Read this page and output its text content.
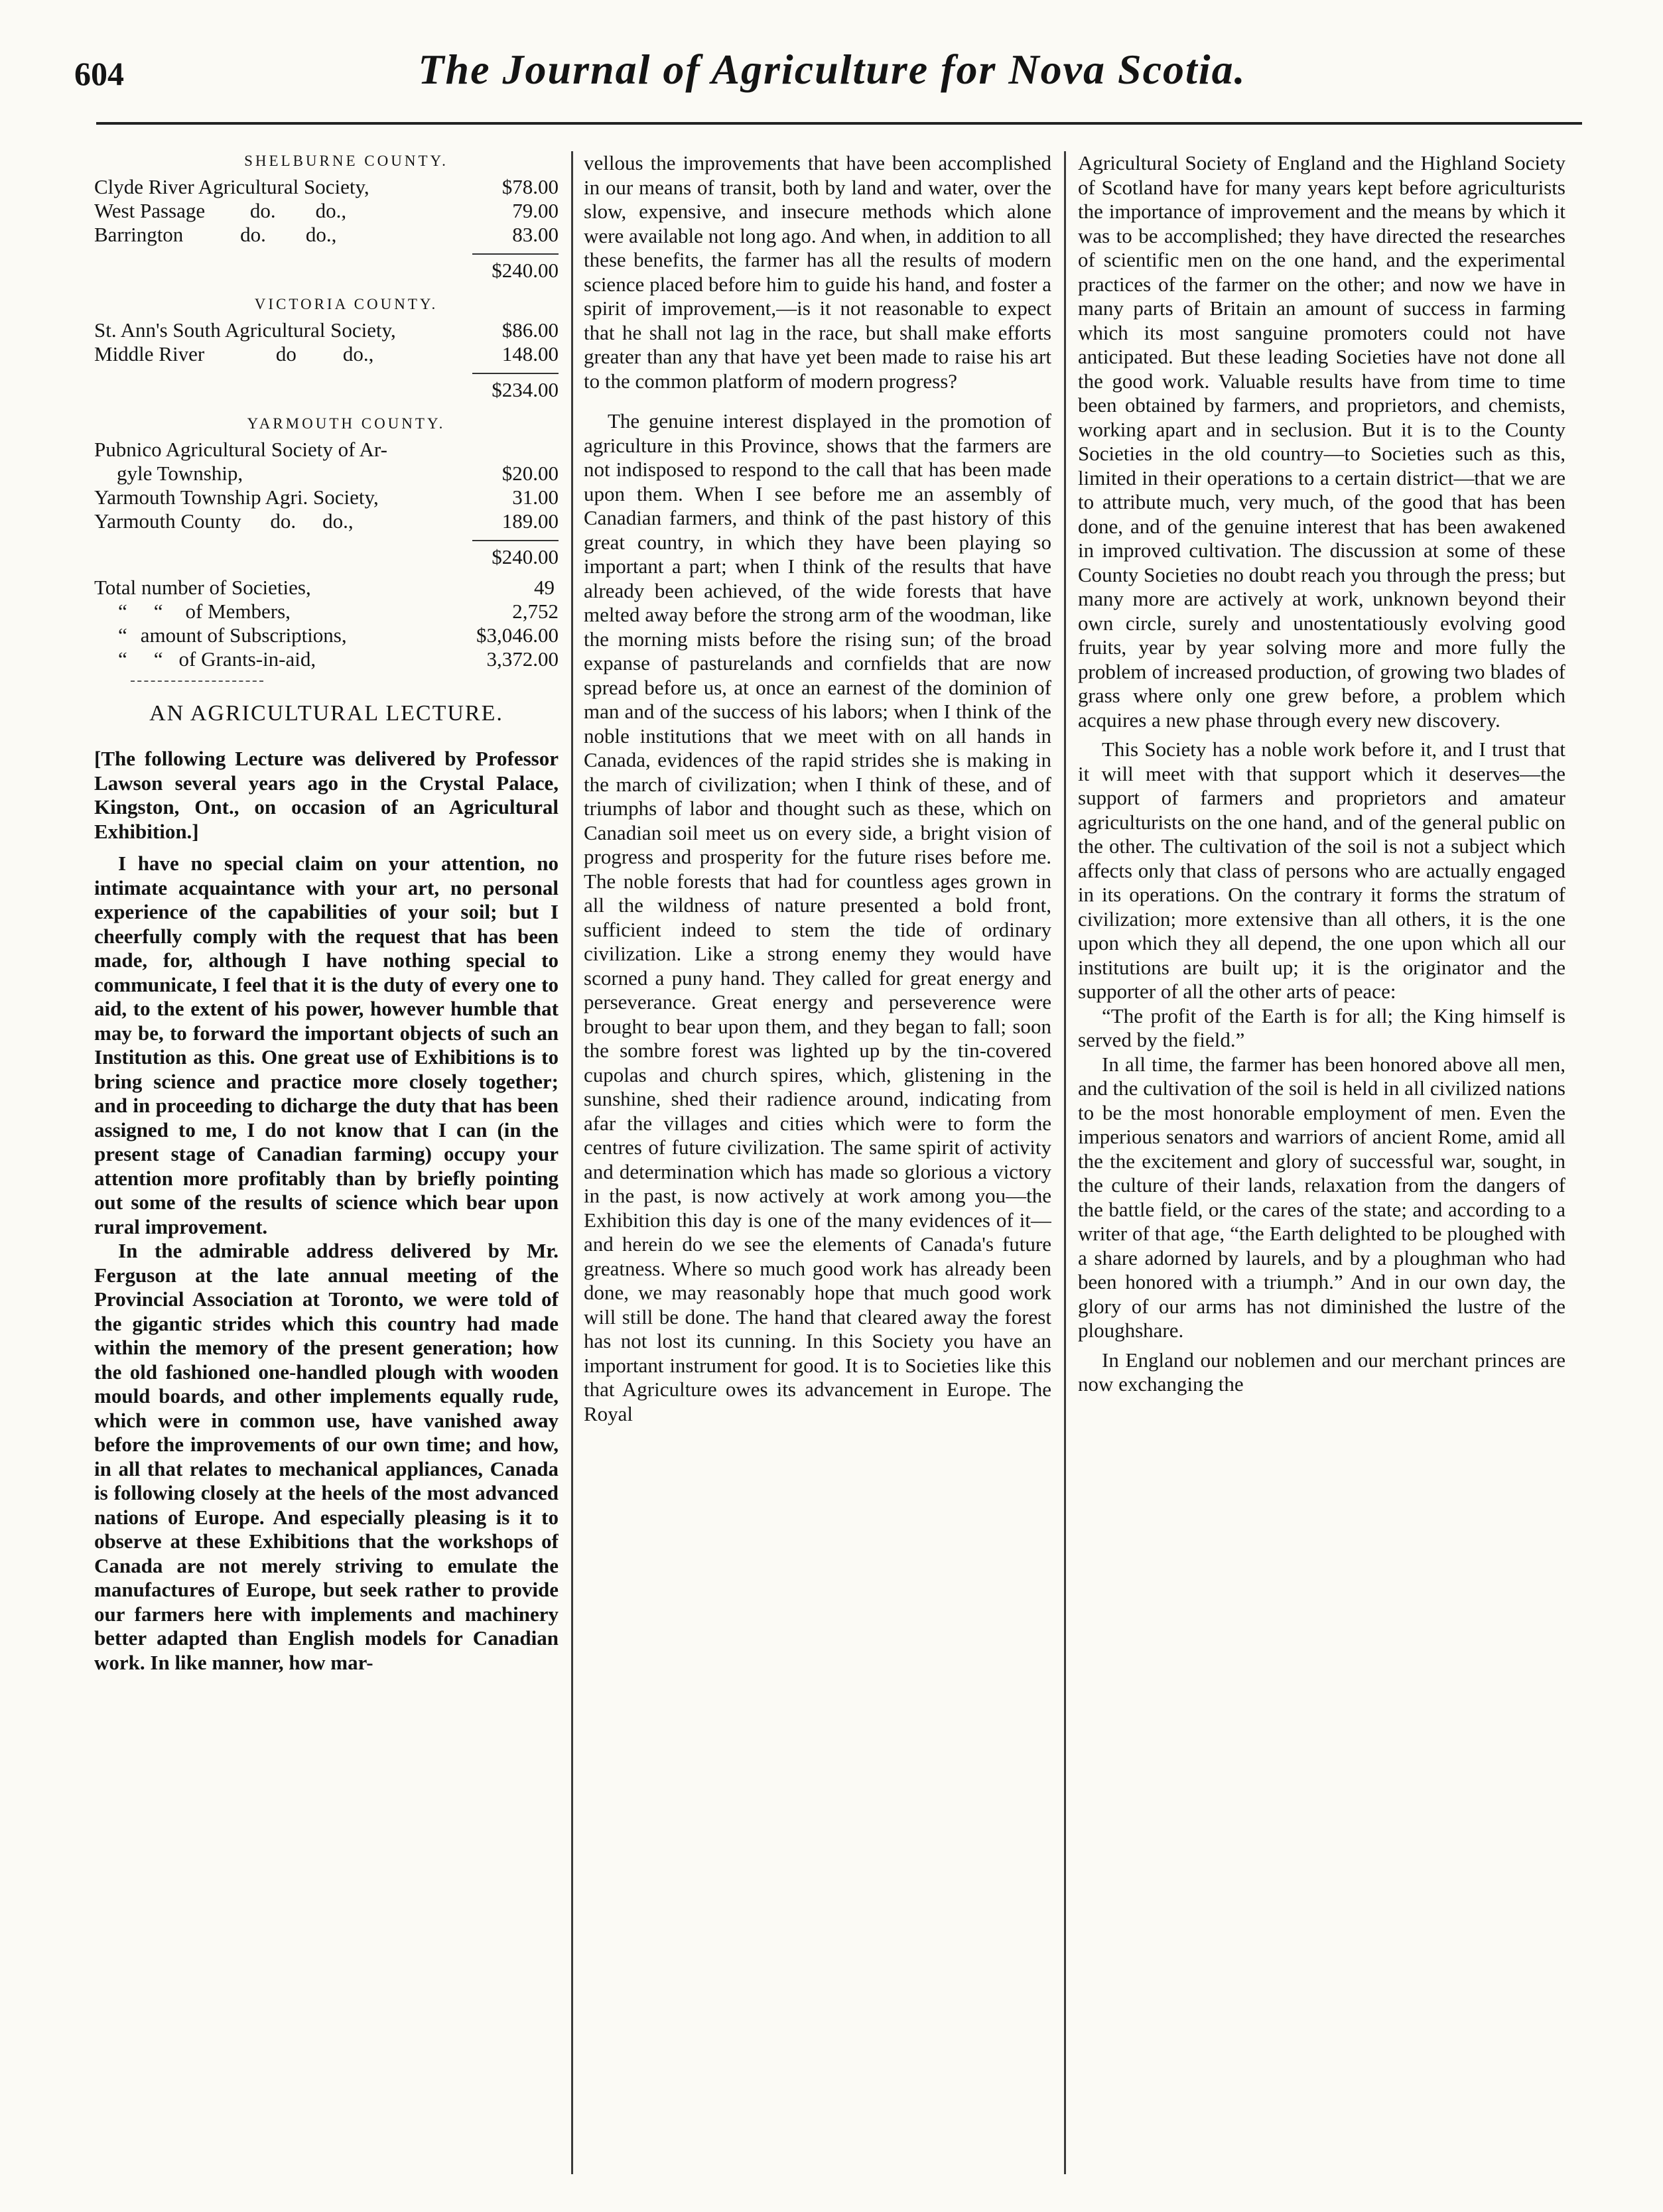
604	The Journal of Agriculture for Nova Scotia.
SHELBURNE COUNTY.
Clyde River Agricultural Society,	$78.00
West Passage do. do.,	79.00
Barrington	do. do.,	83.00
$240.00
VICTORIA COUNTY.
St. Ann's South Agricultural Society,	$86.00
Middle River	do do.,	148.00
$234.00
YARMOUTH COUNTY.
Pubnico Agricultural Society of Ar-
gyle Township,	$20.00
Yarmouth Township Agri. Society,	31.00
Yarmouth County do. do.,	189.00
$240.00
Total number of Societies,	49
“ “ of Members,	2,752
“ amount of Subscriptions,	$3,046.00
“ “ of Grants-in-aid,	3,372.00
AN AGRICULTURAL LECTURE.
[The following Lecture was delivered by Professor Lawson several years ago in the Crystal Palace, Kingston, Ont., on occasion of an Agricultural Exhibition.]

I have no special claim on your attention, no intimate acquaintance with your art, no personal experience of the capabilities of your soil; but I cheerfully comply with the request that has been made, for, although I have nothing special to communicate, I feel that it is the duty of every one to aid, to the extent of his power, however humble that may be, to forward the important objects of such an Institution as this. One great use of Exhibitions is to bring science and practice more closely together; and in proceeding to dicharge the duty that has been assigned to me, I do not know that I can (in the present stage of Canadian farming) occupy your attention more profitably than by briefly pointing out some of the results of science which bear upon rural improvement.

In the admirable address delivered by Mr. Ferguson at the late annual meeting of the Provincial Association at Toronto, we were told of the gigantic strides which this country had made within the memory of the present generation; how the old fashioned one-handled plough with wooden mould boards, and other implements equally rude, which were in common use, have vanished away before the improvements of our own time; and how, in all that relates to mechanical appliances, Canada is following closely at the heels of the most advanced nations of Europe. And especially pleasing is it to observe at these Exhibitions that the workshops of Canada are not merely striving to emulate the manufactures of Europe, but seek rather to provide our farmers here with implements and machinery better adapted than English models for Canadian work. In like manner, how mar-

vellous the improvements that have been accomplished in our means of transit, both by land and water, over the slow, expensive, and insecure methods which alone were available not long ago. And when, in addition to all these benefits, the farmer has all the results of modern science placed before him to guide his hand, and foster a spirit of improvement,—is it not reasonable to expect that he shall not lag in the race, but shall make efforts greater than any that have yet been made to raise his art to the common platform of modern progress?

The genuine interest displayed in the promotion of agriculture in this Province, shows that the farmers are not indisposed to respond to the call that has been made upon them. When I see before me an assembly of Canadian farmers, and think of the past history of this great country, in which they have been playing so important a part; when I think of the results that have already been achieved, of the wide forests that have melted away before the strong arm of the woodman, like the morning mists before the rising sun; of the broad expanse of pasturelands and cornfields that are now spread before us, at once an earnest of the dominion of man and of the success of his labors; when I think of the noble institutions that we meet with on all hands in Canada, evidences of the rapid strides she is making in the march of civilization; when I think of these, and of triumphs of labor and thought such as these, which on Canadian soil meet us on every side, a bright vision of progress and prosperity for the future rises before me. The noble forests that had for countless ages grown in all the wildness of nature presented a bold front, sufficient indeed to stem the tide of ordinary civilization. Like a strong enemy they would have scorned a puny hand. They called for great energy and perseverance. Great energy and perseverence were brought to bear upon them, and they began to fall; soon the sombre forest was lighted up by the tin-covered cupolas and church spires, which, glistening in the sunshine, shed their radience around, indicating from afar the villages and cities which were to form the centres of future civilization. The same spirit of activity and determination which has made so glorious a victory in the past, is now actively at work among you—the Exhibition this day is one of the many evidences of it—and herein do we see the elements of Canada's future greatness. Where so much good work has already been done, we may reasonably hope that much good work will still be done. The hand that cleared away the forest has not lost its cunning. In this Society you have an important instrument for good. It is to Societies like this that Agriculture owes its advancement in Europe. The Royal

Agricultural Society of England and the Highland Society of Scotland have for many years kept before agriculturists the importance of improvement and the means by which it was to be accomplished; they have directed the researches of scientific men on the one hand, and the experimental practices of the farmer on the other; and now we have in many parts of Britain an amount of success in farming which its most sanguine promoters could not have anticipated. But these leading Societies have not done all the good work. Valuable results have from time to time been obtained by farmers, and proprietors, and chemists, working apart and in seclusion. But it is to the County Societies in the old country—to Societies such as this, limited in their operations to a certain district—that we are to attribute much, very much, of the good that has been done, and of the genuine interest that has been awakened in improved cultivation. The discussion at some of these County Societies no doubt reach you through the press; but many more are actively at work, unknown beyond their own circle, surely and unostentatiously evolving good fruits, year by year solving more and more fully the problem of increased production, of growing two blades of grass where only one grew before, a problem which acquires a new phase through every new discovery.

This Society has a noble work before it, and I trust that it will meet with that support which it deserves—the support of farmers and proprietors and amateur agriculturists on the one hand, and of the general public on the other. The cultivation of the soil is not a subject which affects only that class of persons who are actually engaged in its operations. On the contrary it forms the stratum of civilization; more extensive than all others, it is the one upon which they all depend, the one upon which all our institutions are built up; it is the originator and the supporter of all the other arts of peace:

“The profit of the Earth is for all; the King himself is served by the field.”

In all time, the farmer has been honored above all men, and the cultivation of the soil is held in all civilized nations to be the most honorable employment of men. Even the imperious senators and warriors of ancient Rome, amid all the the excitement and glory of successful war, sought, in the culture of their lands, relaxation from the dangers of the battle field, or the cares of the state; and according to a writer of that age, “the Earth delighted to be ploughed with a share adorned by laurels, and by a ploughman who had been honored with a triumph.” And in our own day, the glory of our arms has not diminished the lustre of the ploughshare.

In England our noblemen and our merchant princes are now exchanging the
